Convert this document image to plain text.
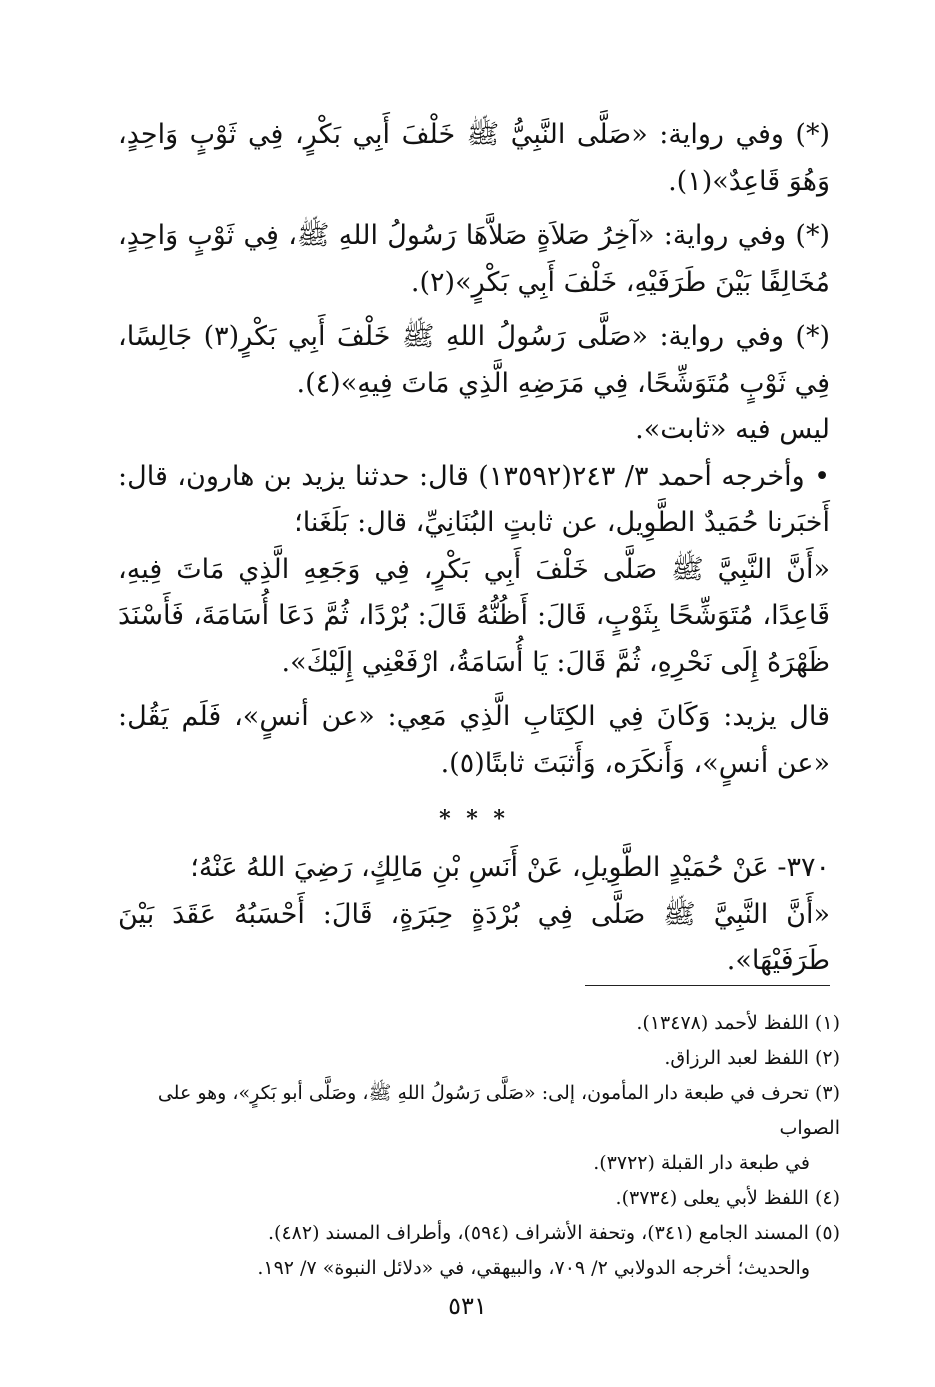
(*) وفي رواية: «صَلَّى النَّبِيُّ ﷺ خَلْفَ أَبِي بَكْرٍ، فِي ثَوْبٍ وَاحِدٍ، وَهُوَ قَاعِدٌ»(١).

(*) وفي رواية: «آخِرُ صَلاَةٍ صَلاَّهَا رَسُولُ اللهِ ﷺ، فِي ثَوْبٍ وَاحِدٍ، مُخَالِفًا بَيْنَ طَرَفَيْهِ، خَلْفَ أَبِي بَكْرٍ»(٢).

(*) وفي رواية: «صَلَّى رَسُولُ اللهِ ﷺ خَلْفَ أَبِي بَكْرٍ(٣) جَالِسًا، فِي ثَوْبٍ مُتَوَشِّحًا، فِي مَرَضِهِ الَّذِي مَاتَ فِيهِ»(٤).

ليس فيه «ثابت».

• وأخرجه أحمد ٣/ ٢٤٣(١٣٥٩٢) قال: حدثنا يزيد بن هارون، قال: أَخبَرنا حُمَيدٌ الطَّوِيل، عن ثابتٍ البُنَانِيِّ، قال: بَلَغَنا؛

«أَنَّ النَّبِيَّ ﷺ صَلَّى خَلْفَ أَبِي بَكْرٍ، فِي وَجَعِهِ الَّذِي مَاتَ فِيهِ، قَاعِدًا، مُتَوَشِّحًا بِثَوْبٍ، قَالَ: أَظُنُّهُ قَالَ: بُرْدًا، ثُمَّ دَعَا أُسَامَةَ، فَأَسْنَدَ ظَهْرَهُ إِلَى نَحْرِهِ، ثُمَّ قَالَ: يَا أُسَامَةُ، ارْفَعْنِي إِلَيْكَ».

قال يزيد: وَكَانَ فِي الكِتَابِ الَّذِي مَعِي: «عن أنسٍ»، فَلَم يَقُل: «عن أنسٍ»، وَأَنكَرَه، وَأَثبَتَ ثابتًا(٥).

* * *

٣٧٠- عَنْ حُمَيْدٍ الطَّوِيلِ، عَنْ أَنَسِ بْنِ مَالِكٍ، رَضِيَ اللهُ عَنْهُ؛

«أَنَّ النَّبِيَّ ﷺ صَلَّى فِي بُرْدَةٍ حِبَرَةٍ، قَالَ: أَحْسَبُهُ عَقَدَ بَيْنَ طَرَفَيْهَا».

(١) اللفظ لأحمد (١٣٤٧٨).

(٢) اللفظ لعبد الرزاق.

(٣) تحرف في طبعة دار المأمون، إلى: «صَلَّى رَسُولُ اللهِ ﷺ، وصَلَّى أبو بَكرٍ»، وهو على الصواب

في طبعة دار القبلة (٣٧٢٢).

(٤) اللفظ لأبي يعلى (٣٧٣٤).

(٥) المسند الجامع (٣٤١)، وتحفة الأشراف (٥٩٤)، وأطراف المسند (٤٨٢).

والحديث؛ أخرجه الدولابي ٢/ ٧٠٩، والبيهقي، في «دلائل النبوة» ٧/ ١٩٢.

٥٣١
